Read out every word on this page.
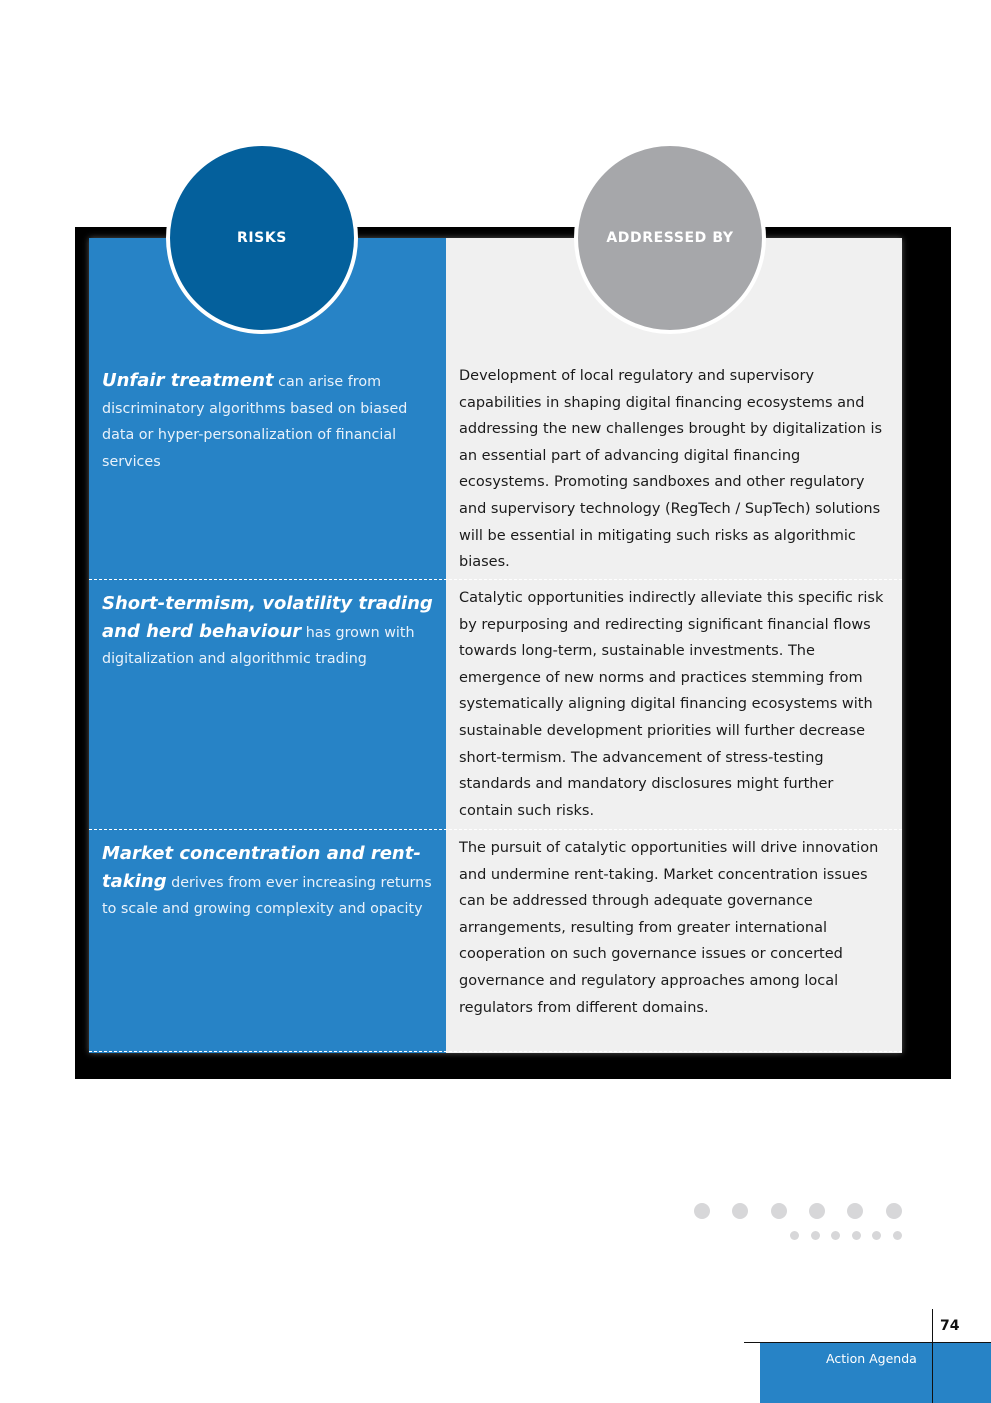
Unfair treatment can arise from discriminatory algorithms based on biased data or hyper-personalization of financial services
Development of local regulatory and supervisory capabilities in shaping digital financing ecosystems and addressing the new challenges brought by digitalization is an essential part of advancing digital financing ecosystems. Promoting sandboxes and other regulatory and supervisory technology (RegTech / SupTech) solutions will be essential in mitigating such risks as algorithmic biases.
Short-termism, volatility trading and herd behaviour has grown with digitalization and algorithmic trading
Catalytic opportunities indirectly alleviate this specific risk by repurposing and redirecting significant financial flows towards long-term, sustainable investments. The emergence of new norms and practices stemming from systematically aligning digital financing ecosystems with sustainable development priorities will further decrease short-termism. The advancement of stress-testing standards and mandatory disclosures might further contain such risks.
Market concentration and rent-taking derives from ever increasing returns to scale and growing complexity and opacity
The pursuit of catalytic opportunities will drive innovation and undermine rent-taking. Market concentration issues can be addressed through adequate governance arrangements, resulting from greater international cooperation on such governance issues or concerted governance and regulatory approaches among local regulators from different domains.
RISKS	ADDRESSED BY
Action Agenda
74
